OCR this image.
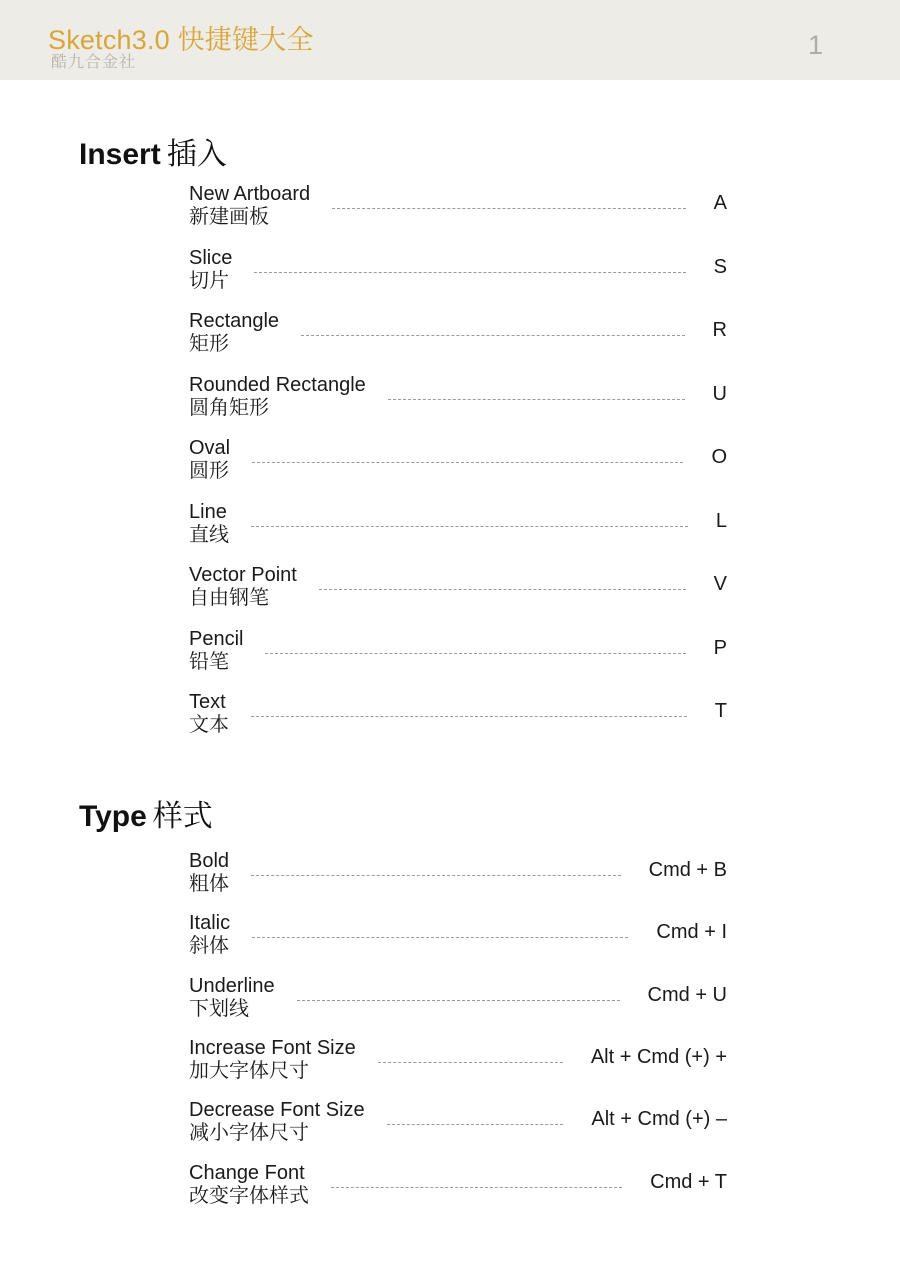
Sketch3.0 快捷键大全
酷九合金社
1
Insert 插入
New Artboard
新建画板
A
Slice
切片
S
Rectangle
矩形
R
Rounded Rectangle
圆角矩形
U
Oval
圆形
O
Line
直线
L
Vector Point
自由钢笔
V
Pencil
铅笔
P
Text
文本
T
Type 样式
Bold
粗体
Cmd + B
Italic
斜体
Cmd + I
Underline
下划线
Cmd + U
Increase Font Size
加大字体尺寸
Alt + Cmd (+) +
Decrease Font Size
减小字体尺寸
Alt + Cmd (+) –
Change Font
改变字体样式
Cmd + T
